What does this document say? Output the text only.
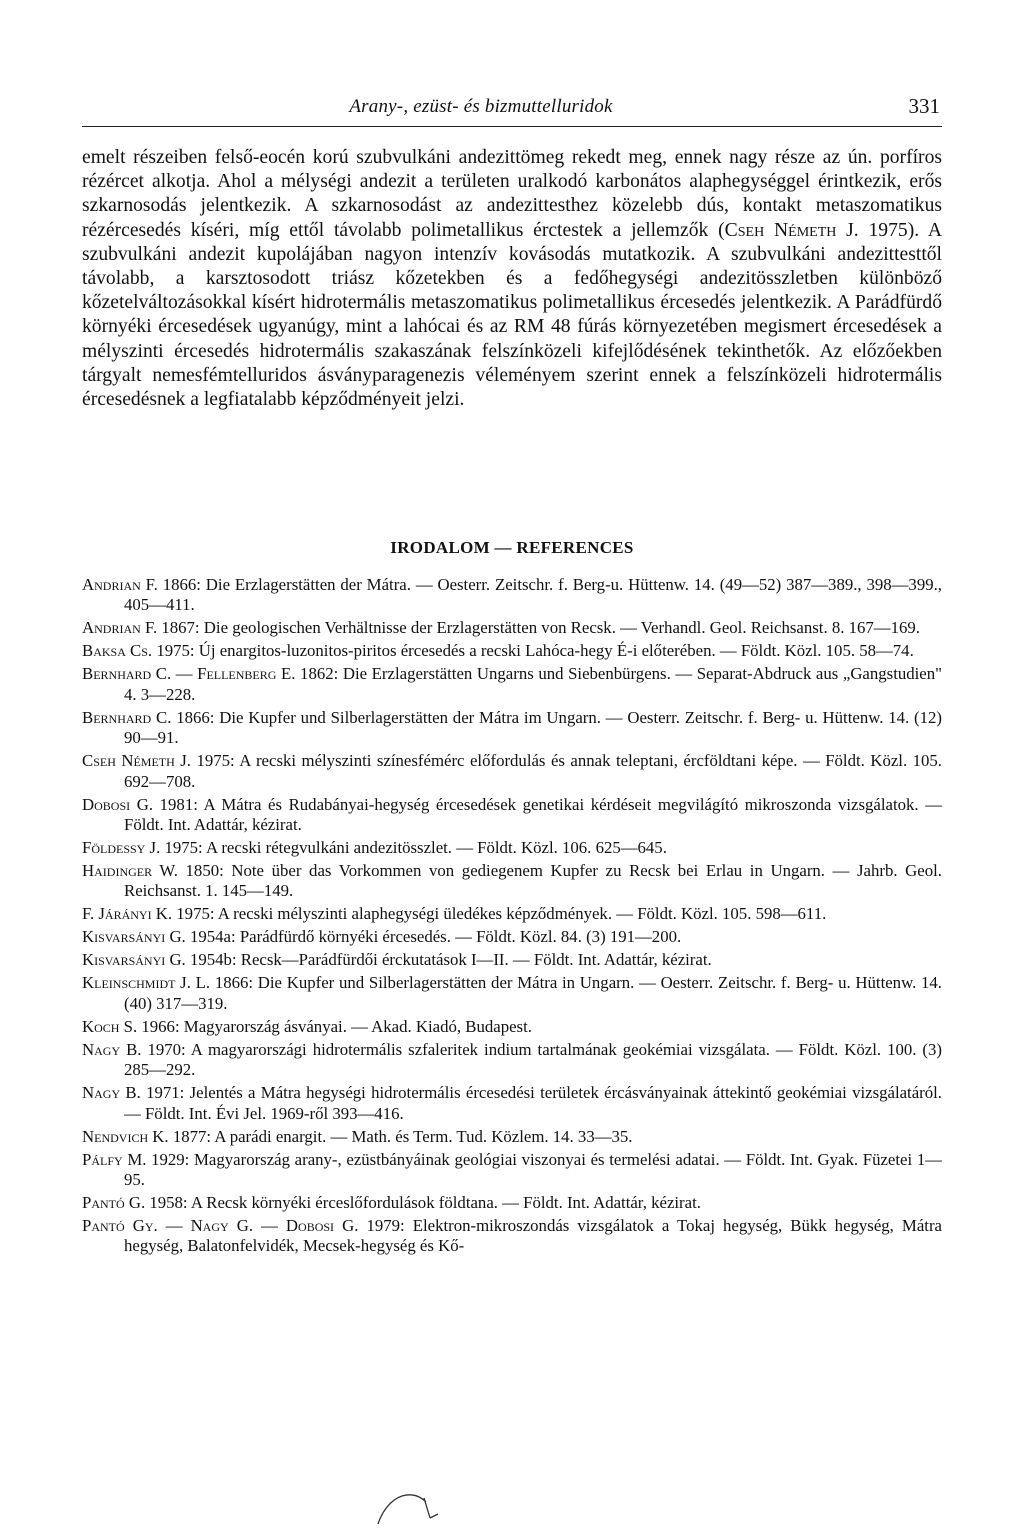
Arany-, ezüst- és bizmuttelluridok	331

emelt részeiben felső-eocén korú szubvulkáni andezittömeg rekedt meg, ennek nagy része az ún. porfíros rézércet alkotja. Ahol a mélységi andezit a területen uralkodó karbonátos alaphegységgel érintkezik, erős szkarnosodás jelentkezik. A szkarnosodást az andezittesthez közelebb dús, kontakt metaszomatikus rézércesedés kíséri, míg ettől távolabb polimetallikus érctestek a jellemzők (Cseh Németh J. 1975). A szubvulkáni andezit kupolájában nagyon intenzív kovásodás mutatkozik. A szubvulkáni andezittesttől távolabb, a karsztosodott triász kőzetekben és a fedőhegységi andezitösszletben különböző kőzetelváltozásokkal kísért hidrotermális metaszomatikus polimetallikus ércesedés jelentkezik. A Parádfürdő környéki ércesedések ugyanúgy, mint a lahócai és az RM 48 fúrás környezetében megismert ércesedések a mélyszinti ércesedés hidrotermális szakaszának felszínközeli kifejlődésének tekinthetők. Az előzőekben tárgyalt nemesfémtelluridos ásványparagenezis véleményem szerint ennek a felszínközeli hidrotermális ércesedésnek a legfiatalabb képződményeit jelzi.

IRODALOM — REFERENCES
Andrian F. 1866: Die Erzlagerstätten der Mátra. — Oesterr. Zeitschr. f. Berg-u. Hüttenw. 14. (49—52) 387—389., 398—399., 405—411.
Andrian F. 1867: Die geologischen Verhältnisse der Erzlagerstätten von Recsk. — Verhandl. Geol. Reichsanst. 8. 167—169.
Baksa Cs. 1975: Új enargitos-luzonitos-piritos ércesedés a recski Lahóca-hegy É-i előterében. — Földt. Közl. 105. 58—74.
Bernhard C. — Fellenberg E. 1862: Die Erzlagerstätten Ungarns und Siebenbürgens. — Separat-Abdruck aus „Gangstudien" 4. 3—228.
Bernhard C. 1866: Die Kupfer und Silberlagerstätten der Mátra im Ungarn. — Oesterr. Zeitschr. f. Berg- u. Hüttenw. 14. (12) 90—91.
Cseh Németh J. 1975: A recski mélyszinti színesfémérc előfordulás és annak teleptani, ércföldtani képe. — Földt. Közl. 105. 692—708.
Dobosi G. 1981: A Mátra és Rudabányai-hegység ércesedések genetikai kérdéseit megvilágító mikroszonda vizsgálatok. — Földt. Int. Adattár, kézirat.
Földessy J. 1975: A recski rétegvulkáni andezitösszlet. — Földt. Közl. 106. 625—645.
Haidinger W. 1850: Note über das Vorkommen von gediegenem Kupfer zu Recsk bei Erlau in Ungarn. — Jahrb. Geol. Reichsanst. 1. 145—149.
F. Járányi K. 1975: A recski mélyszinti alaphegységi üledékes képződmények. — Földt. Közl. 105. 598—611.
Kisvarsányi G. 1954a: Parádfürdő környéki ércesedés. — Földt. Közl. 84. (3) 191—200.
Kisvarsányi G. 1954b: Recsk—Parádfürdői érckutatások I—II. — Földt. Int. Adattár, kézirat.
Kleinschmidt J. L. 1866: Die Kupfer und Silberlagerstätten der Mátra in Ungarn. — Oesterr. Zeitschr. f. Berg- u. Hüttenw. 14. (40) 317—319.
Koch S. 1966: Magyarország ásványai. — Akad. Kiadó, Budapest.
Nagy B. 1970: A magyarországi hidrotermális szfaleritek indium tartalmának geokémiai vizsgálata. — Földt. Közl. 100. (3) 285—292.
Nagy B. 1971: Jelentés a Mátra hegységi hidrotermális ércesedési területek ércásványainak áttekintő geokémiai vizsgálatáról. — Földt. Int. Évi Jel. 1969-ről 393—416.
Nendvich K. 1877: A parádi enargit. — Math. és Term. Tud. Közlem. 14. 33—35.
Pálfy M. 1929: Magyarország arany-, ezüstbányáinak geológiai viszonyai és termelési adatai. — Földt. Int. Gyak. Füzetei 1—95.
Pantó G. 1958: A Recsk környéki érceslőfordulások földtana. — Földt. Int. Adattár, kézirat.
Pantó Gy. — Nagy G. — Dobosi G. 1979: Elektron-mikroszondás vizsgálatok a Tokaj hegység, Bükk hegység, Mátra hegység, Balatonfelvidék, Mecsek-hegység és Kő-
